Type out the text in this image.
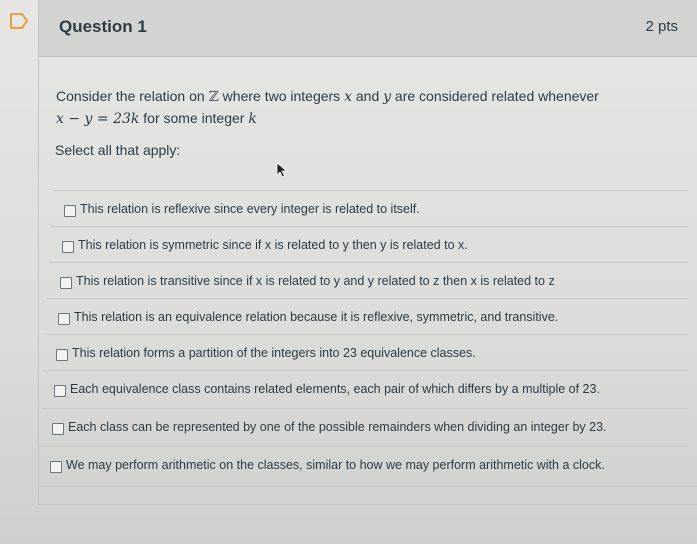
Question 1	2 pts
Consider the relation on ℤ where two integers x and y are considered related whenever
x − y = 23k for some integer k
Select all that apply:
This relation is reflexive since every integer is related to itself.
This relation is symmetric since if x is related to y then y is related to x.
This relation is transitive since if x is related to y and y related to z then x is related to z
This relation is an equivalence relation because it is reflexive, symmetric, and transitive.
This relation forms a partition of the integers into 23 equivalence classes.
Each equivalence class contains related elements, each pair of which differs by a multiple of 23.
Each class can be represented by one of the possible remainders when dividing an integer by 23.
We may perform arithmetic on the classes, similar to how we may perform arithmetic with a clock.
